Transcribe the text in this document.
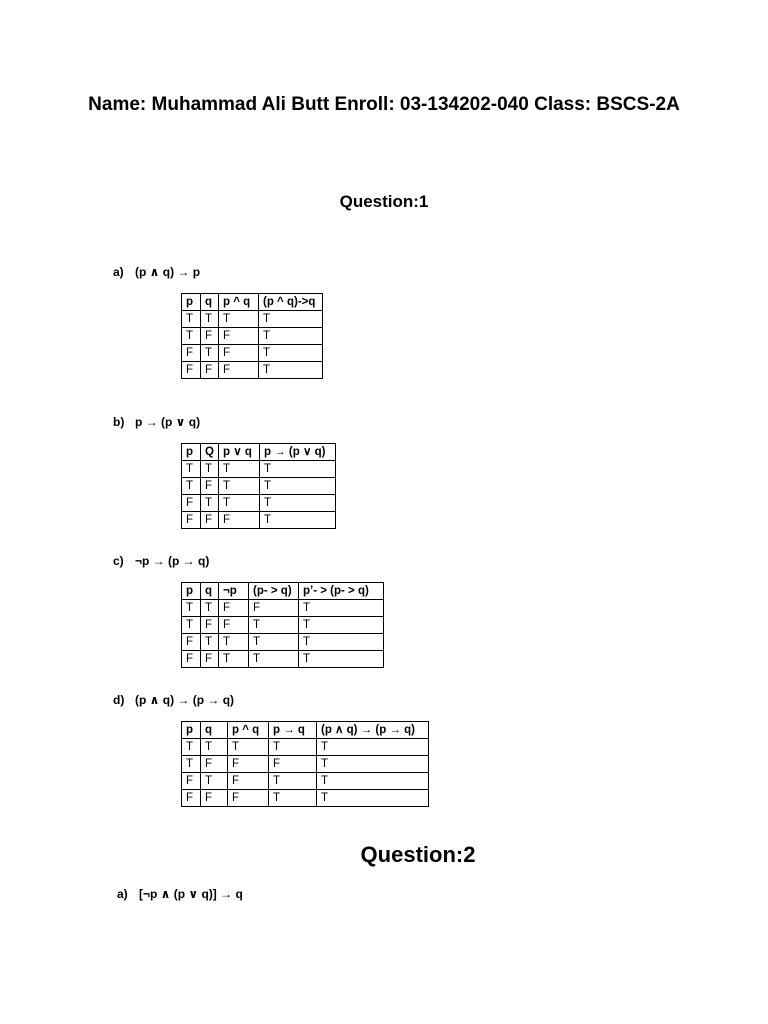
Name: Muhammad Ali Butt Enroll: 03-134202-040 Class: BSCS-2A
Question:1
a) (p ∧ q) → p
p	q	p ^ q	(p ^ q)->q
T	T	T	T
T	F	F	T
F	T	F	T
F	F	F	T
b) p → (p ∨ q)
p	Q	p ∨ q	p → (p ∨ q)
T	T	T	T
T	F	T	T
F	T	T	T
F	F	F	T
c) ¬p → (p → q)
p	q	¬p	(p- > q)	p’- > (p- > q)
T	T	F	F	T
T	F	F	T	T
F	T	T	T	T
F	F	T	T	T
d) (p ∧ q) → (p → q)
p	q	p ^ q	p → q	(p ∧ q) → (p → q)
T	T	T	T	T
T	F	F	F	T
F	T	F	T	T
F	F	F	T	T
Question:2
a) [¬p ∧ (p ∨ q)] → q
